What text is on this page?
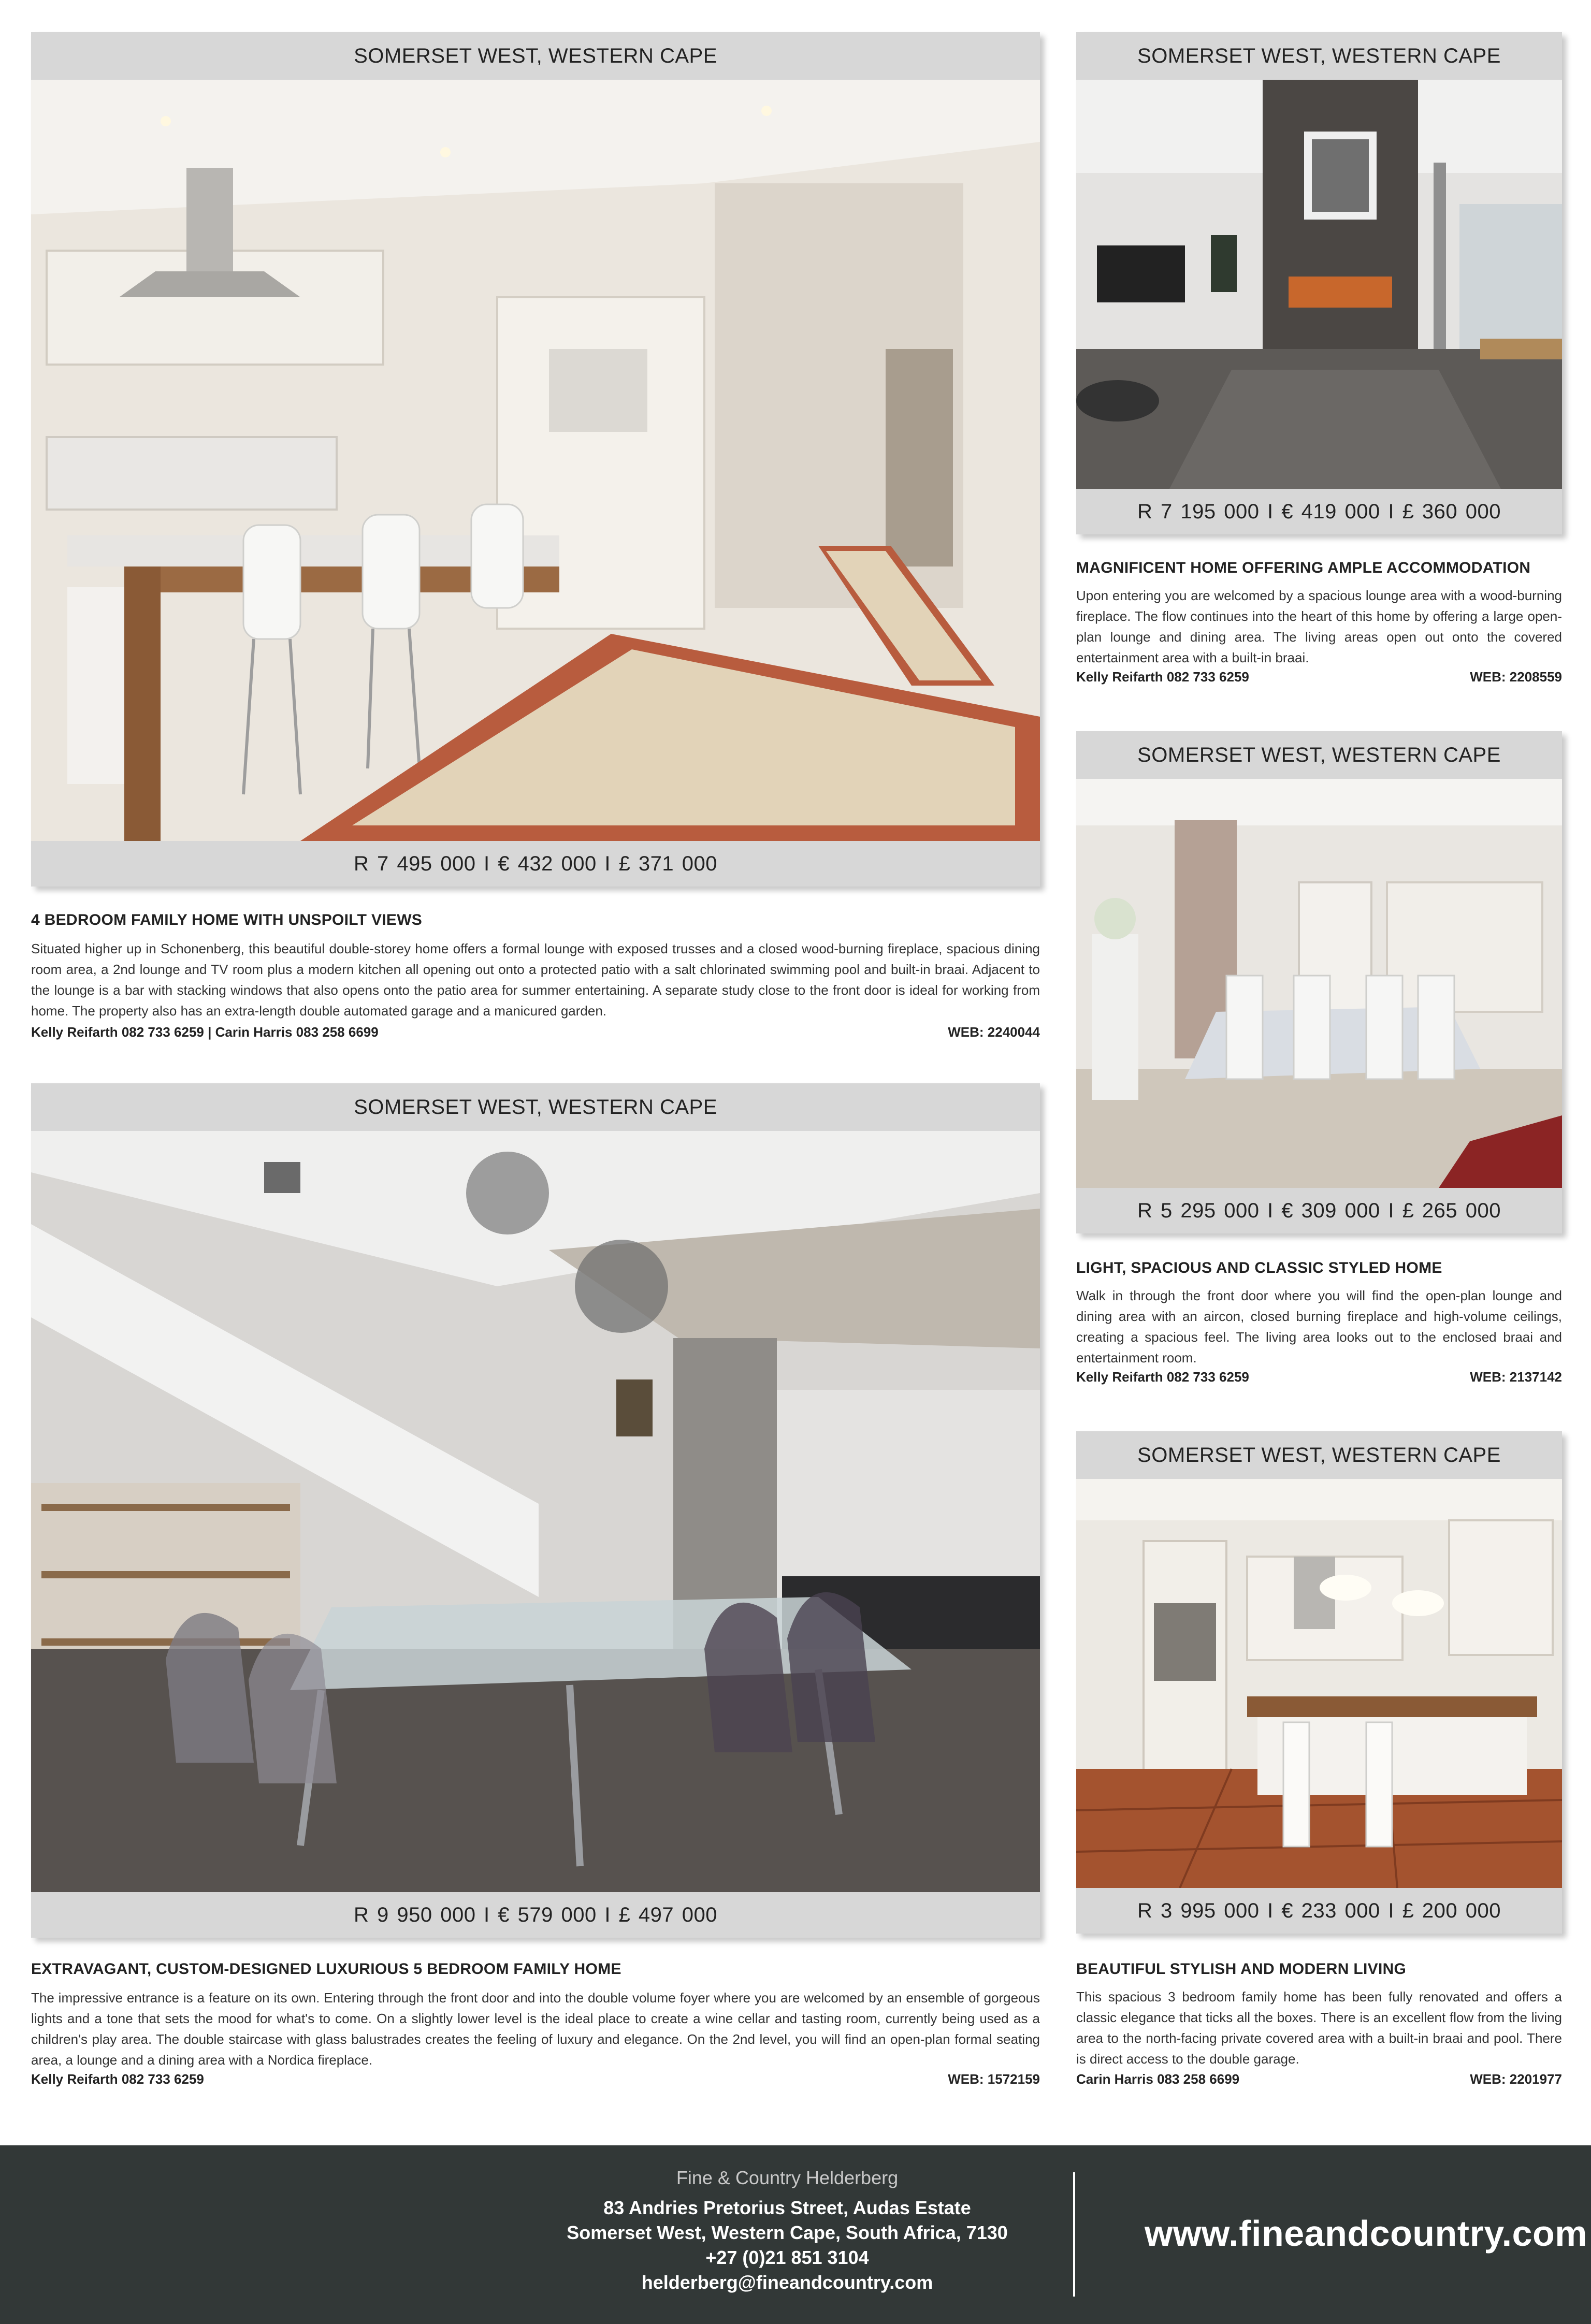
SOMERSET WEST, WESTERN CAPE
R 7 495 000 I € 432 000 I £ 371 000
4 BEDROOM FAMILY HOME WITH UNSPOILT VIEWS

Situated higher up in Schonenberg, this beautiful double-storey home offers a formal lounge with exposed trusses and a closed wood-burning fireplace, spacious dining room area, a 2nd lounge and TV room plus a modern kitchen all opening out onto a protected patio with a salt chlorinated swimming pool and built-in braai. Adjacent to the lounge is a bar with stacking windows that also opens onto the patio area for summer entertaining. A separate study close to the front door is ideal for working from home. The property also has an extra-length double automated garage and a manicured garden.

Kelly Reifarth 082 733 6259 | Carin Harris 083 258 6699	WEB: 2240044
SOMERSET WEST, WESTERN CAPE
R 9 950 000 I € 579 000 I £ 497 000
EXTRAVAGANT, CUSTOM-DESIGNED LUXURIOUS 5 BEDROOM FAMILY HOME

The impressive entrance is a feature on its own. Entering through the front door and into the double volume foyer where you are welcomed by an ensemble of gorgeous lights and a tone that sets the mood for what's to come. On a slightly lower level is the ideal place to create a wine cellar and tasting room, currently being used as a children's play area. The double staircase with glass balustrades creates the feeling of luxury and elegance. On the 2nd level, you will find an open-plan formal seating area, a lounge and a dining area with a Nordica fireplace.

Kelly Reifarth 082 733 6259	WEB: 1572159
SOMERSET WEST, WESTERN CAPE
R 7 195 000 I € 419 000 I £ 360 000
MAGNIFICENT HOME OFFERING AMPLE ACCOMMODATION

Upon entering you are welcomed by a spacious lounge area with a wood-burning fireplace. The flow continues into the heart of this home by offering a large open-plan lounge and dining area. The living areas open out onto the covered entertainment area with a built-in braai.

Kelly Reifarth 082 733 6259	WEB: 2208559
SOMERSET WEST, WESTERN CAPE
R 5 295 000 I € 309 000 I £ 265 000
LIGHT, SPACIOUS AND CLASSIC STYLED HOME

Walk in through the front door where you will find the open-plan lounge and dining area with an aircon, closed burning fireplace and high-volume ceilings, creating a spacious feel. The living area looks out to the enclosed braai and entertainment room.

Kelly Reifarth 082 733 6259	WEB: 2137142
SOMERSET WEST, WESTERN CAPE
R 3 995 000 I € 233 000 I £ 200 000
BEAUTIFUL STYLISH AND MODERN LIVING

This spacious 3 bedroom family home has been fully renovated and offers a classic elegance that ticks all the boxes. There is an excellent flow from the living area to the north-facing private covered area with a built-in braai and pool. There is direct access to the double garage.

Carin Harris 083 258 6699	WEB: 2201977
Fine & Country Helderberg
83 Andries Pretorius Street, Audas Estate
Somerset West, Western Cape, South Africa, 7130
+27 (0)21 851 3104
helderberg@fineandcountry.com
www.fineandcountry.com
